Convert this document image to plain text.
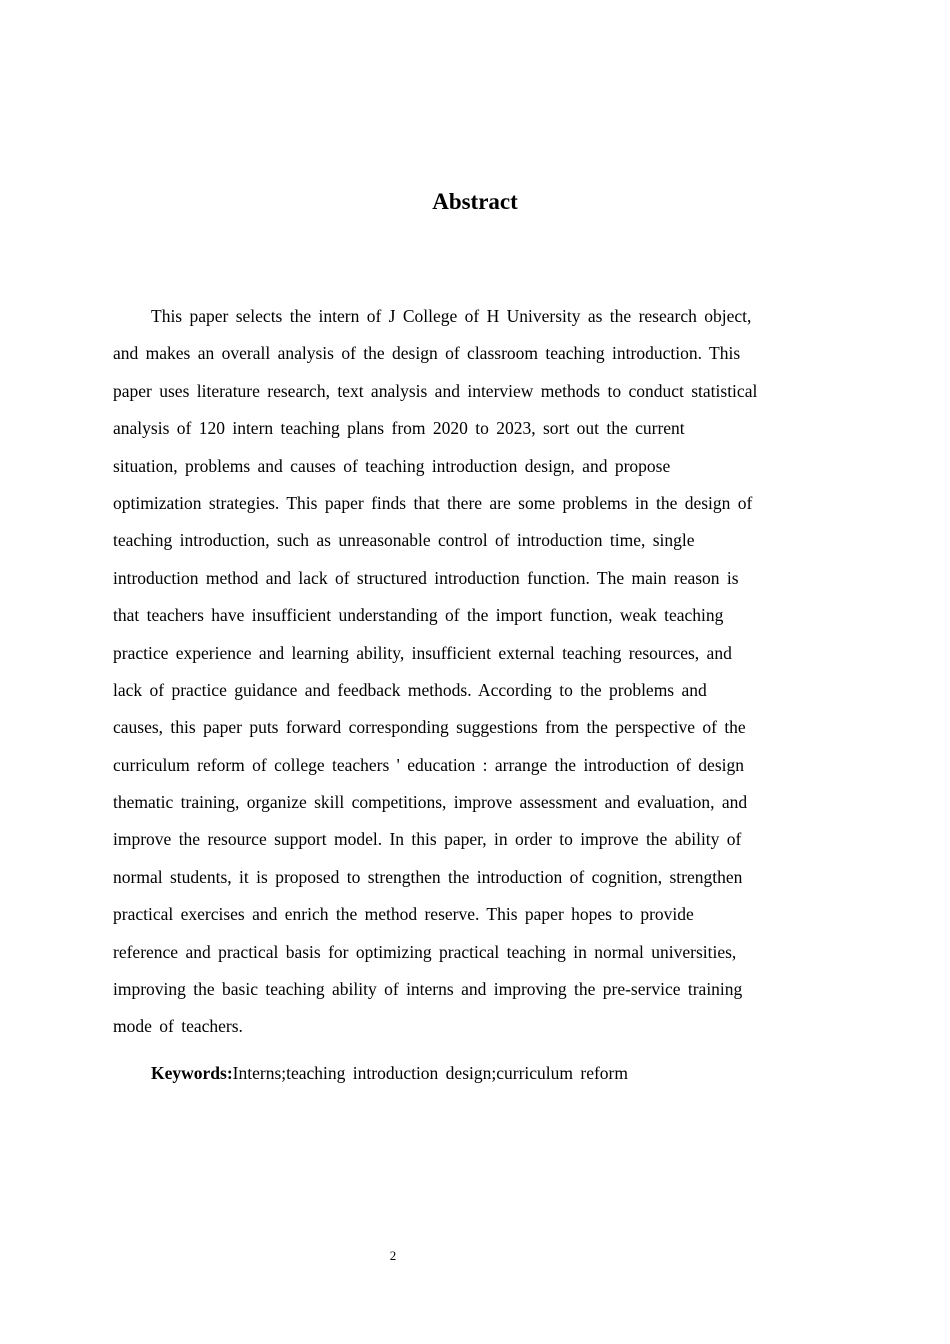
Abstract
This paper selects the intern of J College of H University as the research object,
and makes an overall analysis of the design of classroom teaching introduction. This
paper uses literature research, text analysis and interview methods to conduct statistical
analysis of 120 intern teaching plans from 2020 to 2023, sort out the current
situation, problems and causes of teaching introduction design, and propose
optimization strategies. This paper finds that there are some problems in the design of
teaching introduction, such as unreasonable control of introduction time, single
introduction method and lack of structured introduction function. The main reason is
that teachers have insufficient understanding of the import function, weak teaching
practice experience and learning ability, insufficient external teaching resources, and
lack of practice guidance and feedback methods. According to the problems and
causes, this paper puts forward corresponding suggestions from the perspective of the
curriculum reform of college teachers ' education : arrange the introduction of design
thematic training, organize skill competitions, improve assessment and evaluation, and
improve the resource support model. In this paper, in order to improve the ability of
normal students, it is proposed to strengthen the introduction of cognition, strengthen
practical exercises and enrich the method reserve. This paper hopes to provide
reference and practical basis for optimizing practical teaching in normal universities,
improving the basic teaching ability of interns and improving the pre-service training
mode of teachers.

Keywords:Interns;teaching introduction design;curriculum reform

2
